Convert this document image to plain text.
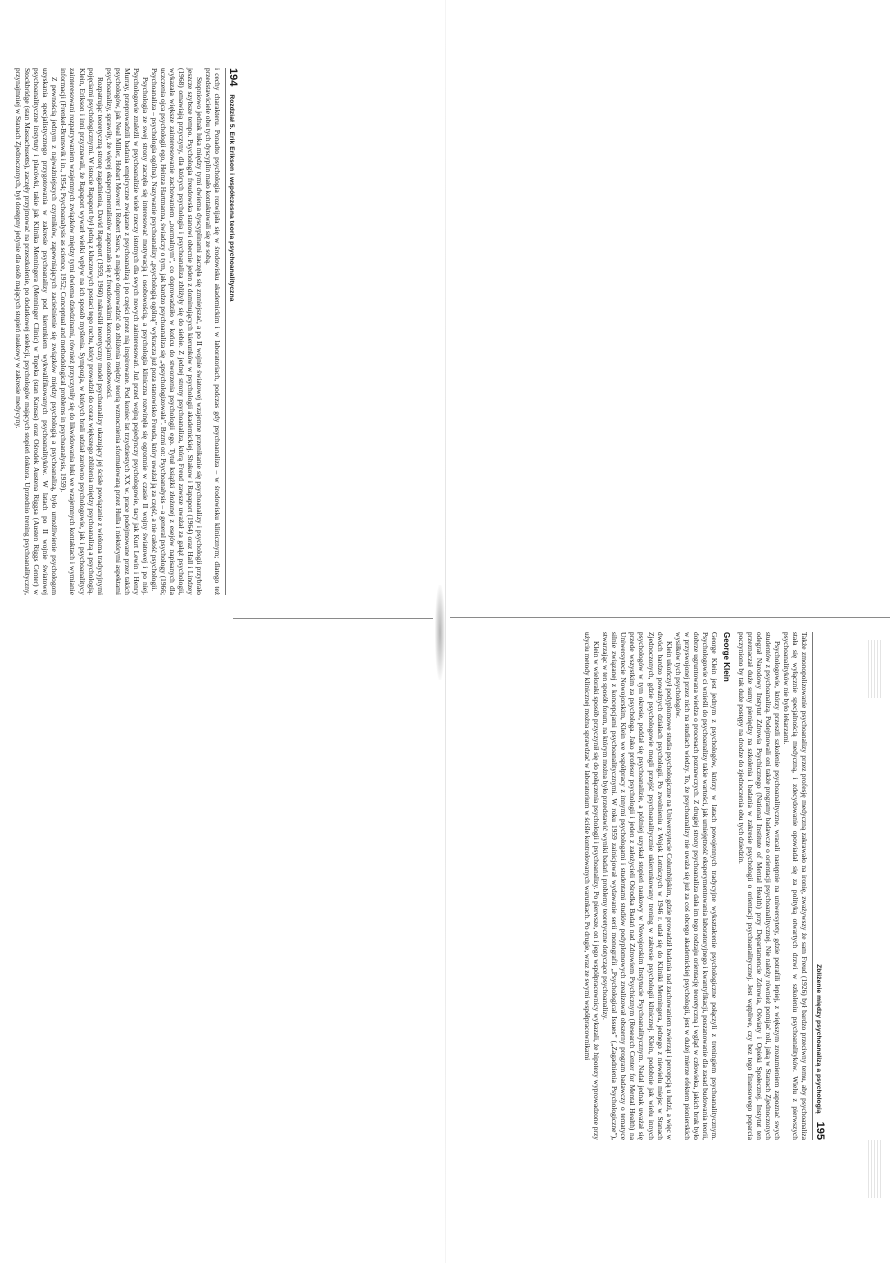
194
Rozdział 5. Erik Erikson i współczesna teoria psychoanalityczna

i cechy charakteru. Ponadto psychologia rozwijała się w środowisku akademickim i w laboratoriach, podczas gdy psychoanaliza – w środowisku klinicznym; dlatego też przedstawiciele obu tych dyscyplin mało kontaktowali się ze sobą.

Stopniowo jednak luka między tymi dwiema dyscyplinami zaczęła się zmniejszać, a po II wojnie światowej wzajemne przenikanie się psychoanalizy i psychologii przybrało jeszcze szybsze tempo. Psychologia freudowska stanowi obecnie jeden z dominujących kierunków w psychologii akademickiej. Shakow i Rapaport (1964) oraz Hall i Lindzey (1968) omawiają przyczyny, dla których psychologia i psychoanaliza zbliżyły się do siebie. Z jednej strony psychoanaliza, którą Freud zawsze uważał za gałąź psychologii, wykazała większe zainteresowanie zachowaniem „normalnym”, co doprowadziło w końcu do stworzenia psychologii ego. Tytuł książki złożonej z esejów napisanych dla uczczenia ojca psychologii ego, Heinza Hartmanna, świadczy o tym, jak bardzo psychoanaliza się „spsychologizowała”. Brzmi on: Psychoanalysis – a general psychology (1966; Psychoanaliza – psychologia ogólna). Nazywanie psychoanalizy „psychologią ogólną” wykracza już poza stanowisko Freuda, który uważał ją za część, a nie całość psychologii.

Psychologia ze swej strony zaczęła się interesować motywacją i osobowością, a psychologia kliniczna rozwinęła się ogromnie w czasie II wojny światowej i po niej. Psychologowie znaleźli w psychoanalizie wiele rzeczy istotnych dla swych nowych zainteresowań. Już przed wojną pojedynczy psychologowie, tacy jak Kurt Lewin i Henry Murray, przeprowadzili badania empiryczne związane z psychoanalizą i po części przez nią inspirowane. Pod koniec lat trzydziestych XX w. prace podejmowane przez takich psychologów, jak Neal Miller, Hobart Mowrer i Robert Sears, a mające doprowadzić do zbliżenia między teorią wzmocnienia sformułowaną przez Hulla i niektórymi aspektami psychoanalizy, sprawiły, że więcej eksperymentalistów zapoznało się z freudowskimi koncepcjami osobowości.

Rozpatrując teoretyczną stronę zagadnienia, David Rapaport (1959, 1960) nakreślił teoretyczny model psychoanalizy ukazujący jej ścisłe powiązanie z wieloma tradycyjnymi pojęciami psychologicznymi. W istocie Rapaport był jedną z kluczowych postaci tego ruchu, który prowadził do coraz większego zbliżenia między psychoanalizą a psychologią. Klein, Erikson i inni przyznawali, że Rapaport wywarł wielki wpływ na ich sposób myślenia. Sympozja, w których brali udział zarówno psychologowie, jak i psychoanalitycy zainteresowani rozpatrywaniem wzajemnych związków między tymi dwiema dziedzinami, również przyczyniły się do likwidowania luki we wzajemnych kontaktach i wymianie informacji (Frenkel-Brunswik i in., 1954; Psychoanalysis as science, 1952; Conceptual and methodological problems in psychoanalysis, 1959).

Z pewnością jednym z najważniejszych czynników, zapewniających zacieśnienie się związków między psychologią a psychoanalizą, było umożliwienie psychologom uzyskania specjalistycznego przygotowania w zakresie psychoanalizy pod kierunkiem wykwalifikowanych psychoanalityków. W latach po II wojnie światowej psychoanalityczne instytuty i placówki, takie jak Klinika Menningera (Menninger Clinic) w Topeka (stan Kansas) oraz Ośrodek Austena Riggsa (Austen Riggs Center) w Stockbridge (stan Massachusetts), zaczęły przyjmować na przeszkolenie, po dodatkowej selekcji, psychologów mających stopień doktora. Uprzednio trening psychoanalityczny, przynajmniej w Stanach Zjednoczonych, był dostępny jedynie dla osób mających stopień naukowy w zakresie medycyny.

Zbliżenie między psychoanalizą a psychologią
195

Także zmonopolizowanie psychoanalizy przez profesję medyczną zakrawało na ironię, zważywszy że sam Freud (1926) był bardzo przeciwny temu, aby psychoanaliza stała się wyłącznie specjalnością medyczną, i zdecydowanie opowiadał się za polityką otwartych drzwi w szkoleniu psychoanalityków. Wielu z pierwszych psychoanalityków nie było lekarzami.

Psychologowie, którzy przeszli szkolenie psychoanalityczne, wracali następnie na uniwersytety, gdzie potrafili lepiej, z większym zrozumieniem zapoznać swych studentów z psychoanalizą. Podejmowali oni także programy badawcze o orientacji psychoanalitycznej. Nie należy również pomijać roli, jaką w Stanach Zjednoczonych odegrał Narodowy Instytut Zdrowia Psychicznego (National Institute of Mental Health) przy Departamencie Zdrowia, Oświaty i Opieki Społecznej. Instytut ten przeznaczał duże sumy pieniędzy na szkolenia i badania w zakresie psychologii o orientacji psychoanalitycznej. Jest wątpliwe, czy bez tego finansowego poparcia poczyniono by tak duże postępy na drodze do zjednoczenia obu tych dziedzin.

George Klein

George Klein jest jednym z psychologów, którzy w latach powojennych tradycyjne wykształcenie psychologiczne połączyli z treningiem psychoanalitycznym. Psychologowie ci wnieśli do psychoanalizy takie wartości, jak umiejętność eksperymentowania laboratoryjnego i kwantyfikacji, poszanowanie dla zasad budowania teorii, dobrze ugruntowana wiedza o procesach poznawczych. Z drugiej strony psychoanaliza dała im tego rodzaju orientację teoretyczną i wgląd w człowieka, jakich brak było w przyswojonej przez nich na studiach wiedzy. To, że psychoanalizy nie uważa się już za coś obcego akademickiej psychologii, jest w dużej mierze efektem pionierskich wysiłków tych psychologów.

Klein ukończył podyplomowe studia psychologiczne na Uniwersytecie Columbijskim, gdzie prowadził badania nad zachowaniem zwierząt i percepcją u ludzi, a więc w dwóch bardzo poważnych działach psychologii. Po zwolnieniu z Wojsk Lotniczych w 1946 r. udał się do Kliniki Menningera, jednego z niewielu miejsc w Stanach Zjednoczonych, gdzie psychologowie mogli przejść psychoanalitycznie ukierunkowany trening w zakresie psychologii klinicznej. Klein, podobnie jak wielu innych psychologów w tym okresie, poddał się psychoanalizie, a później uzyskał stopień naukowy w Nowojorskim Instytucie Psychoanalitycznym. Nadal jednak uważał się przede wszystkim za psychologa. Jako profesor psychologii i jeden z założycieli Ośrodka Badań nad Zdrowiem Psychicznym (Research Center for Mental Health) na Uniwersytecie Nowojorskim, Klein we współpracy z innymi psychologami i studentami studiów podyplomowych zrealizował obszerny program badawczy o tematyce silnie związanej z koncepcjami psychoanalitycznymi. W roku 1959 zainicjował wydawanie serii monografii „Psychological Issues” („Zagadnienia Psychologiczne”), stwarzając w ten sposób forum, na którym można było przedstawić wyniki badań i problemy teoretyczne dotyczące psychoanalizy.

Klein w wieloraki sposób przyczynił się do połączenia psychologii i psychoanalizy. Po pierwsze, on i jego współpracownicy wykazali, że hipotezy wyprowadzone przy użyciu metody klinicznej można sprawdzać w laboratorium w ściśle kontrolowanych warunkach. Po drugie, wraz ze swymi współpracownikami
